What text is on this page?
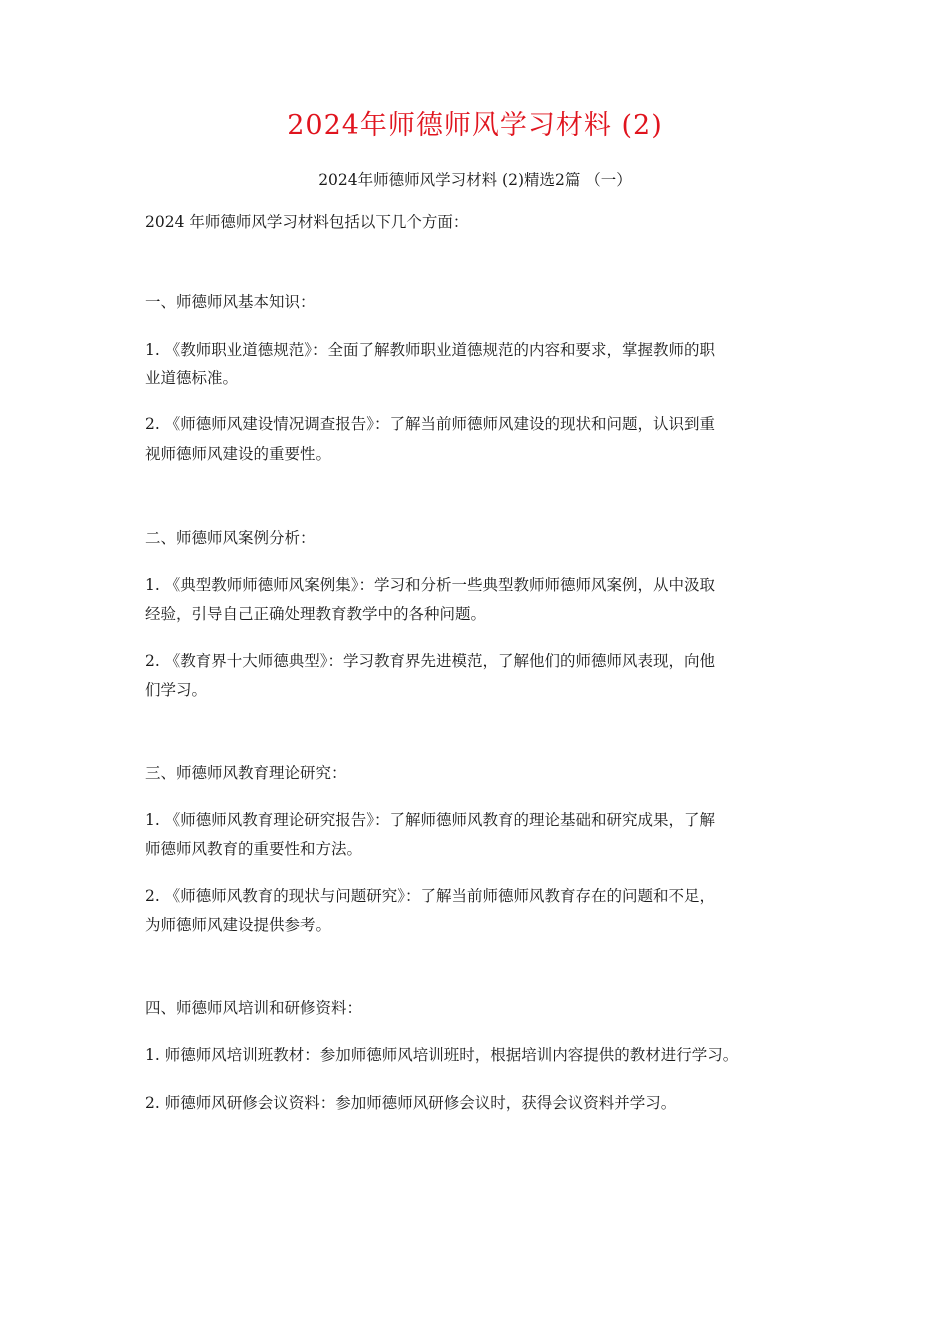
2024年师德师风学习材料 (2)
2024年师德师风学习材料 (2)精选2篇 （一）
2024 年师德师风学习材料包括以下几个方面：
一、师德师风基本知识：
1. 《教师职业道德规范》：全面了解教师职业道德规范的内容和要求，掌握教师的职
业道德标准。
2. 《师德师风建设情况调查报告》：了解当前师德师风建设的现状和问题，认识到重
视师德师风建设的重要性。
二、师德师风案例分析：
1. 《典型教师师德师风案例集》：学习和分析一些典型教师师德师风案例，从中汲取
经验，引导自己正确处理教育教学中的各种问题。
2. 《教育界十大师德典型》：学习教育界先进模范，了解他们的师德师风表现，向他
们学习。
三、师德师风教育理论研究：
1. 《师德师风教育理论研究报告》：了解师德师风教育的理论基础和研究成果，了解
师德师风教育的重要性和方法。
2. 《师德师风教育的现状与问题研究》：了解当前师德师风教育存在的问题和不足，
为师德师风建设提供参考。
四、师德师风培训和研修资料：
1. 师德师风培训班教材：参加师德师风培训班时，根据培训内容提供的教材进行学习。
2. 师德师风研修会议资料：参加师德师风研修会议时，获得会议资料并学习。
